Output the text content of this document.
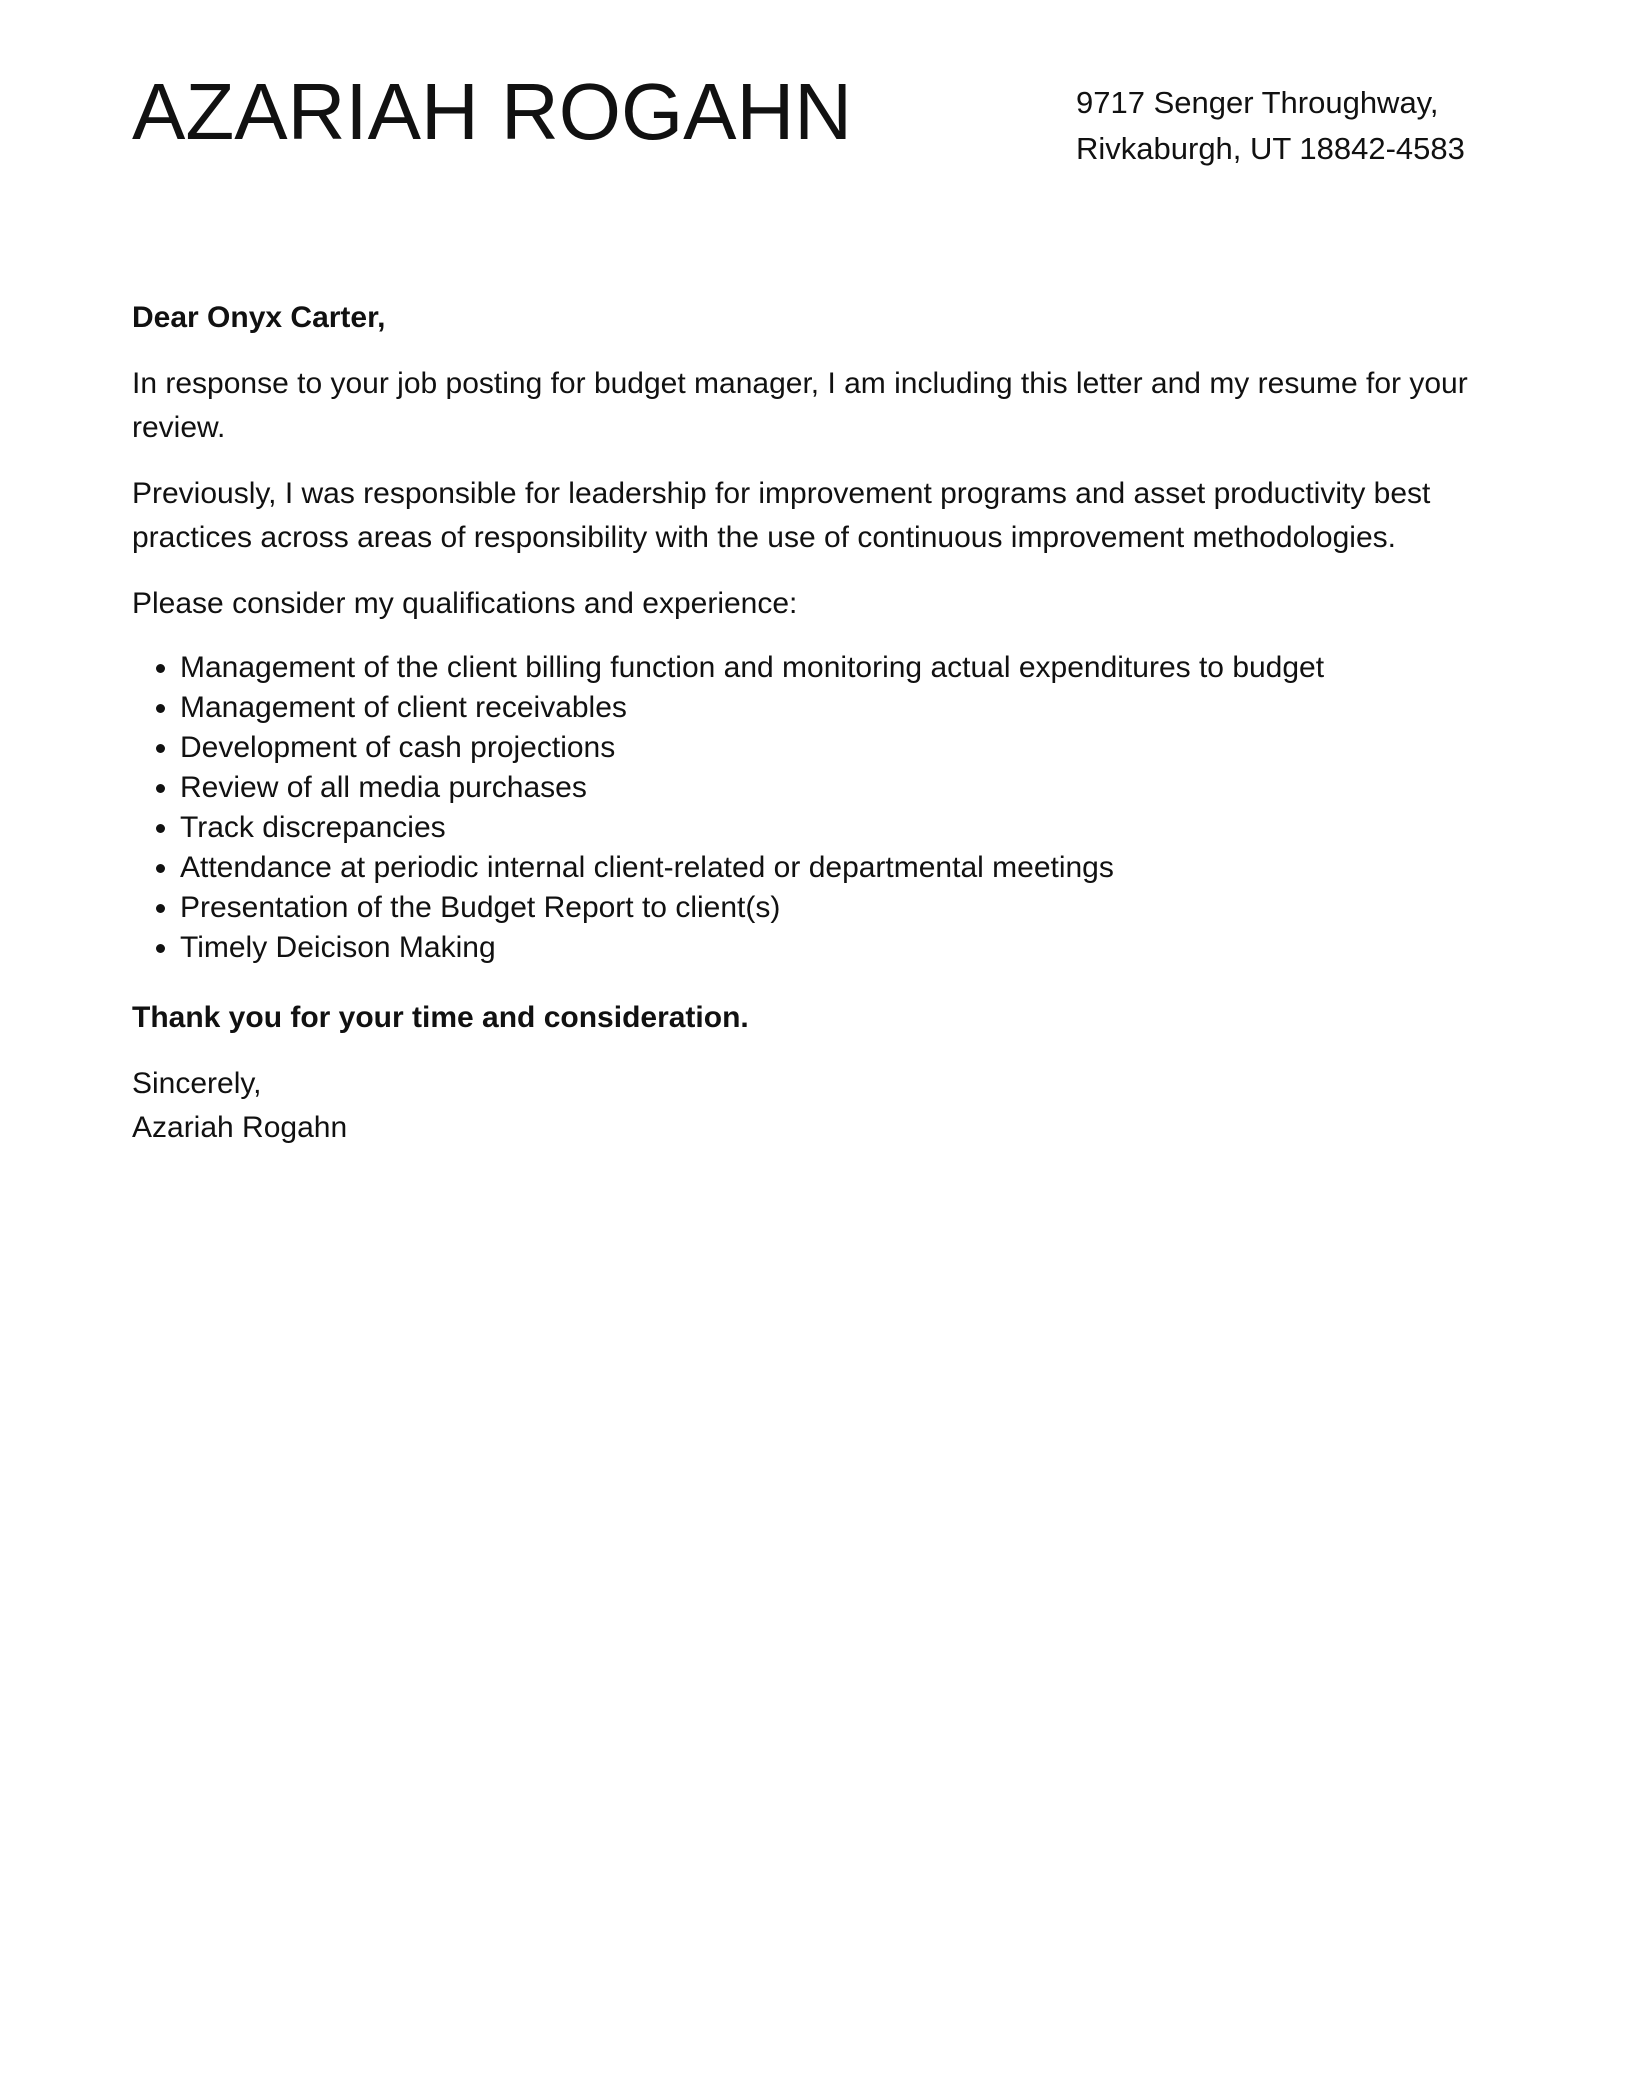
AZARIAH ROGAHN	9717 Senger Throughway,
Rivkaburgh, UT 18842-4583

Dear Onyx Carter,

In response to your job posting for budget manager, I am including this letter and my resume for your review.

Previously, I was responsible for leadership for improvement programs and asset productivity best practices across areas of responsibility with the use of continuous improvement methodologies.

Please consider my qualifications and experience:

• Management of the client billing function and monitoring actual expenditures to budget
• Management of client receivables
• Development of cash projections
• Review of all media purchases
• Track discrepancies
• Attendance at periodic internal client-related or departmental meetings
• Presentation of the Budget Report to client(s)
• Timely Deicison Making

Thank you for your time and consideration.

Sincerely,

Azariah Rogahn
